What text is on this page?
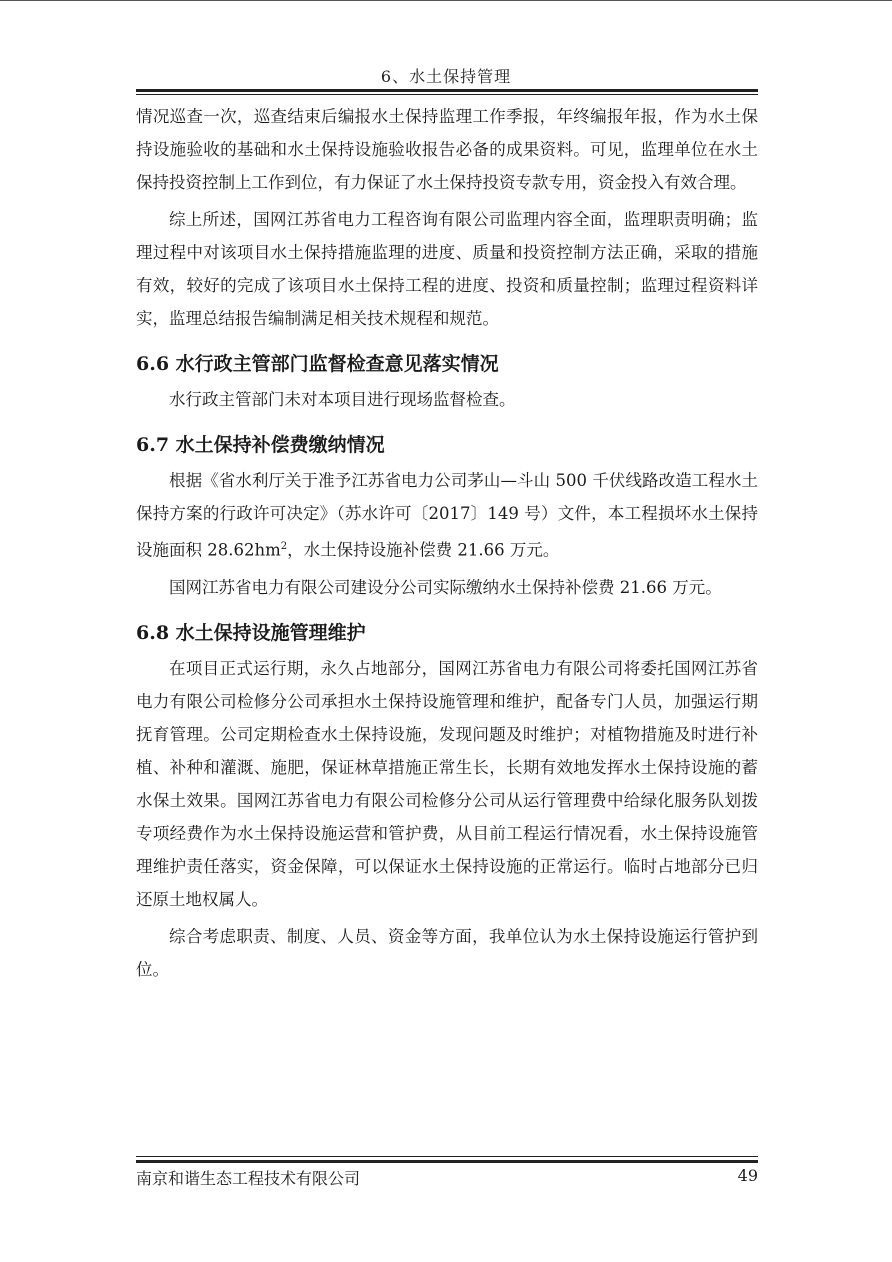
6、水土保持管理

情况巡查一次，巡查结束后编报水土保持监理工作季报，年终编报年报，作为水土保持设施验收的基础和水土保持设施验收报告必备的成果资料。可见，监理单位在水土保持投资控制上工作到位，有力保证了水土保持投资专款专用，资金投入有效合理。

综上所述，国网江苏省电力工程咨询有限公司监理内容全面，监理职责明确；监理过程中对该项目水土保持措施监理的进度、质量和投资控制方法正确，采取的措施有效，较好的完成了该项目水土保持工程的进度、投资和质量控制；监理过程资料详实，监理总结报告编制满足相关技术规程和规范。

6.6 水行政主管部门监督检查意见落实情况

水行政主管部门未对本项目进行现场监督检查。

6.7 水土保持补偿费缴纳情况

根据《省水利厅关于准予江苏省电力公司茅山—斗山 500 千伏线路改造工程水土保持方案的行政许可决定》（苏水许可〔2017〕149 号）文件，本工程损坏水土保持设施面积 $28.62hm^2$，水土保持设施补偿费 21.66 万元。

国网江苏省电力有限公司建设分公司实际缴纳水土保持补偿费 21.66 万元。

6.8 水土保持设施管理维护

在项目正式运行期，永久占地部分，国网江苏省电力有限公司将委托国网江苏省电力有限公司检修分公司承担水土保持设施管理和维护，配备专门人员，加强运行期抚育管理。公司定期检查水土保持设施，发现问题及时维护；对植物措施及时进行补植、补种和灌溉、施肥，保证林草措施正常生长，长期有效地发挥水土保持设施的蓄水保土效果。国网江苏省电力有限公司检修分公司从运行管理费中给绿化服务队划拨专项经费作为水土保持设施运营和管护费，从目前工程运行情况看，水土保持设施管理维护责任落实，资金保障，可以保证水土保持设施的正常运行。临时占地部分已归还原土地权属人。

综合考虑职责、制度、人员、资金等方面，我单位认为水土保持设施运行管护到位。

南京和谐生态工程技术有限公司	49
